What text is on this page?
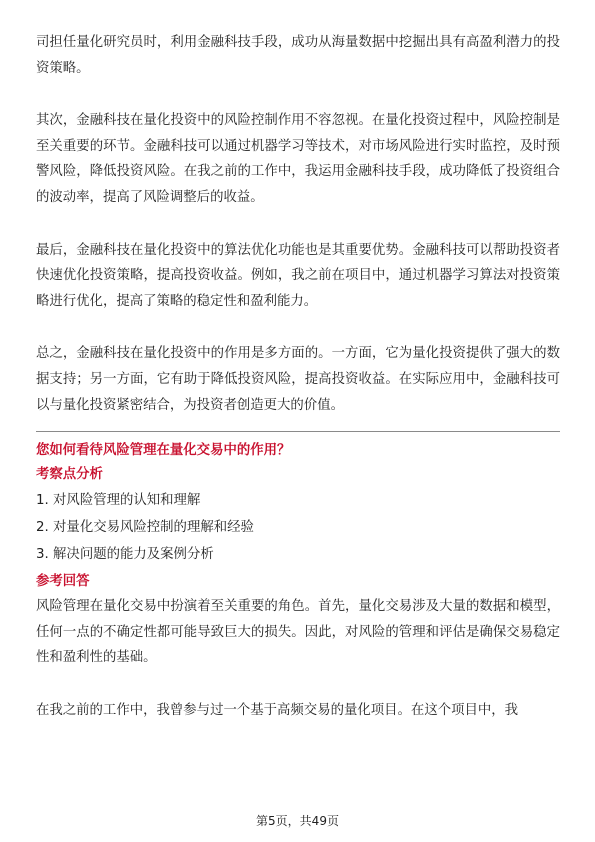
司担任量化研究员时，利用金融科技手段，成功从海量数据中挖掘出具有高盈利潜力的投资策略。

其次，金融科技在量化投资中的风险控制作用不容忽视。在量化投资过程中，风险控制是至关重要的环节。金融科技可以通过机器学习等技术，对市场风险进行实时监控，及时预警风险，降低投资风险。在我之前的工作中，我运用金融科技手段，成功降低了投资组合的波动率，提高了风险调整后的收益。

最后，金融科技在量化投资中的算法优化功能也是其重要优势。金融科技可以帮助投资者快速优化投资策略，提高投资收益。例如，我之前在项目中，通过机器学习算法对投资策略进行优化，提高了策略的稳定性和盈利能力。

总之，金融科技在量化投资中的作用是多方面的。一方面，它为量化投资提供了强大的数据支持；另一方面，它有助于降低投资风险，提高投资收益。在实际应用中，金融科技可以与量化投资紧密结合，为投资者创造更大的价值。

您如何看待风险管理在量化交易中的作用？

考察点分析

1. 对风险管理的认知和理解
2. 对量化交易风险控制的理解和经验
3. 解决问题的能力及案例分析

参考回答

风险管理在量化交易中扮演着至关重要的角色。首先，量化交易涉及大量的数据和模型，任何一点的不确定性都可能导致巨大的损失。因此，对风险的管理和评估是确保交易稳定性和盈利性的基础。

在我之前的工作中，我曾参与过一个基于高频交易的量化项目。在这个项目中，我

第5页，共49页
